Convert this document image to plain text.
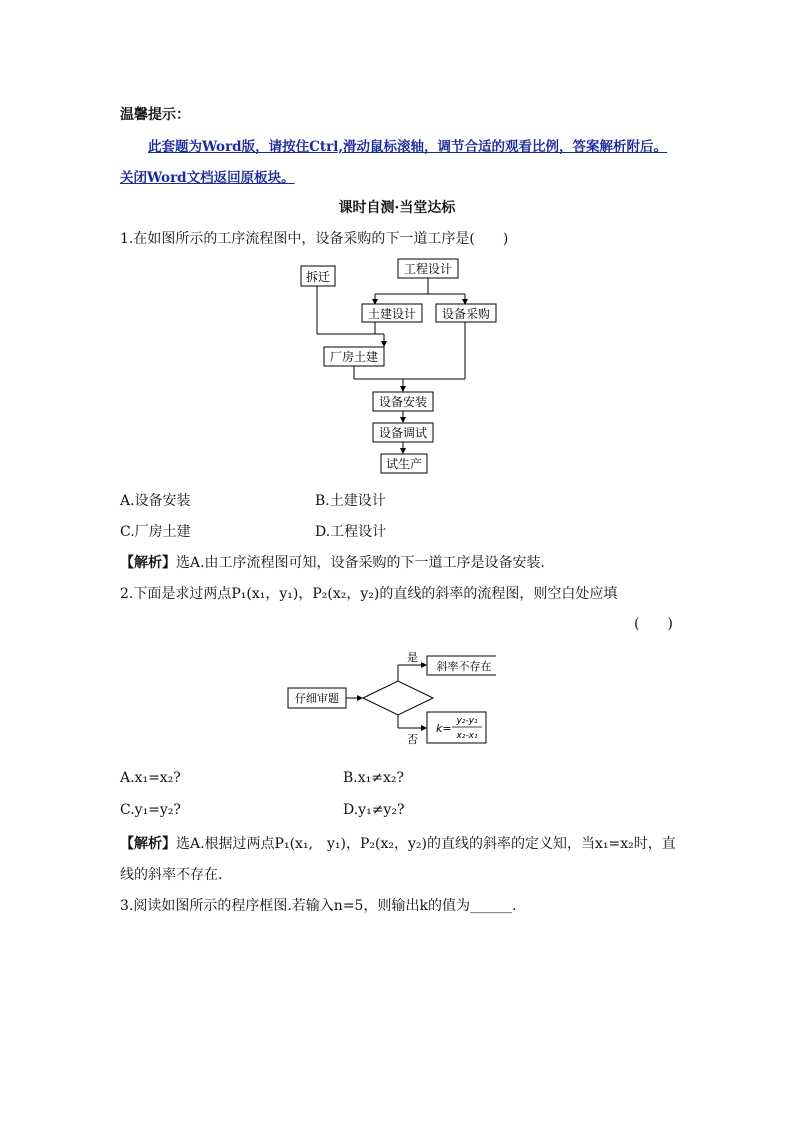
温馨提示：
此套题为Word版，请按住Ctrl,滑动鼠标滚轴，调节合适的观看比例，答案解析附后。
关闭Word文档返回原板块。
课时自测·当堂达标
1.在如图所示的工序流程图中，设备采购的下一道工序是(　　)
拆迁
工程设计
土建设计 设备采购
厂房土建
设备安装
设备调试
试生产
A.设备安装	B.土建设计
C.厂房土建	D.工程设计
【解析】选A.由工序流程图可知，设备采购的下一道工序是设备安装.
2.下面是求过两点P₁(x₁，y₁)，P₂(x₂，y₂)的直线的斜率的流程图，则空白处应填
(　　)
仔细审题
是
否
斜率不存在
k=
y₂-y₁
x₂-x₁
A.x₁=x₂?	B.x₁≠x₂?
C.y₁=y₂?	D.y₁≠y₂?
【解析】选A.根据过两点P₁(x₁,　y₁)，P₂(x₂，y₂)的直线的斜率的定义知，当x₁=x₂时，直
线的斜率不存在.
3.阅读如图所示的程序框图.若输入n=5，则输出k的值为______.
